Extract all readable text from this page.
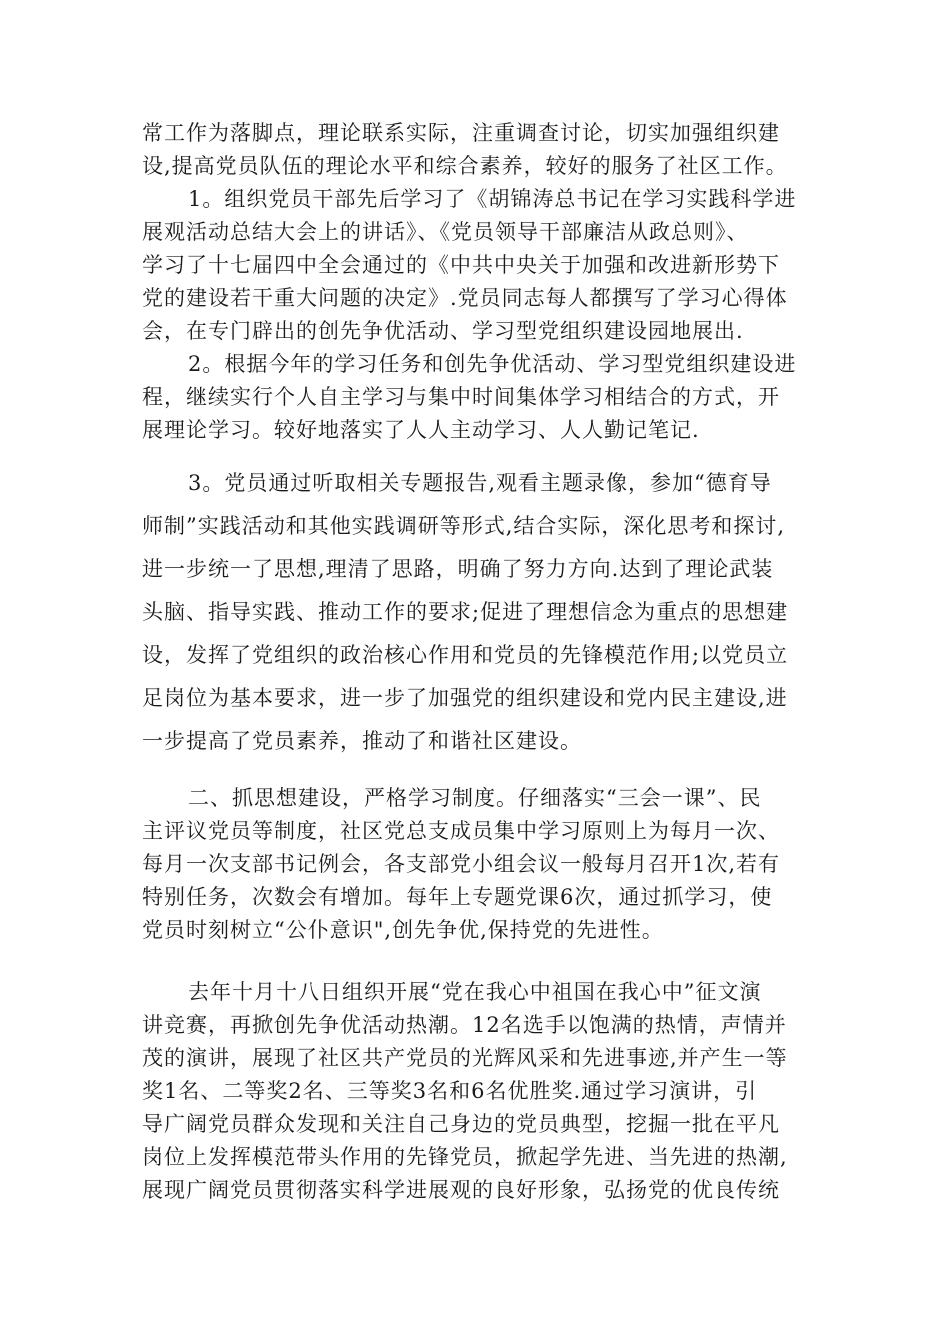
常工作为落脚点，理论联系实际，注重调查讨论，切实加强组织建
设,提高党员队伍的理论水平和综合素养，较好的服务了社区工作。
1。组织党员干部先后学习了《胡锦涛总书记在学习实践科学进
展观活动总结大会上的讲话》、《党员领导干部廉洁从政总则》、
学习了十七届四中全会通过的《中共中央关于加强和改进新形势下
党的建设若干重大问题的决定》.党员同志每人都撰写了学习心得体
会，在专门辟出的创先争优活动、学习型党组织建设园地展出.
2。根据今年的学习任务和创先争优活动、学习型党组织建设进
程，继续实行个人自主学习与集中时间集体学习相结合的方式，开
展理论学习。较好地落实了人人主动学习、人人勤记笔记.
3。党员通过听取相关专题报告,观看主题录像，参加“德育导
师制”实践活动和其他实践调研等形式,结合实际，深化思考和探讨,
进一步统一了思想,理清了思路，明确了努力方向.达到了理论武装
头脑、指导实践、推动工作的要求;促进了理想信念为重点的思想建
设，发挥了党组织的政治核心作用和党员的先锋模范作用;以党员立
足岗位为基本要求，进一步了加强党的组织建设和党内民主建设,进
一步提高了党员素养，推动了和谐社区建设。
二、抓思想建设，严格学习制度。仔细落实“三会一课”、民
主评议党员等制度，社区党总支成员集中学习原则上为每月一次、
每月一次支部书记例会，各支部党小组会议一般每月召开1次,若有
特别任务，次数会有增加。每年上专题党课6次，通过抓学习，使
党员时刻树立“公仆意识",创先争优,保持党的先进性。
去年十月十八日组织开展“党在我心中祖国在我心中”征文演
讲竞赛，再掀创先争优活动热潮。12名选手以饱满的热情，声情并
茂的演讲，展现了社区共产党员的光辉风采和先进事迹,并产生一等
奖1名、二等奖2名、三等奖3名和6名优胜奖.通过学习演讲，引
导广阔党员群众发现和关注自己身边的党员典型，挖掘一批在平凡
岗位上发挥模范带头作用的先锋党员，掀起学先进、当先进的热潮,
展现广阔党员贯彻落实科学进展观的良好形象，弘扬党的优良传统
